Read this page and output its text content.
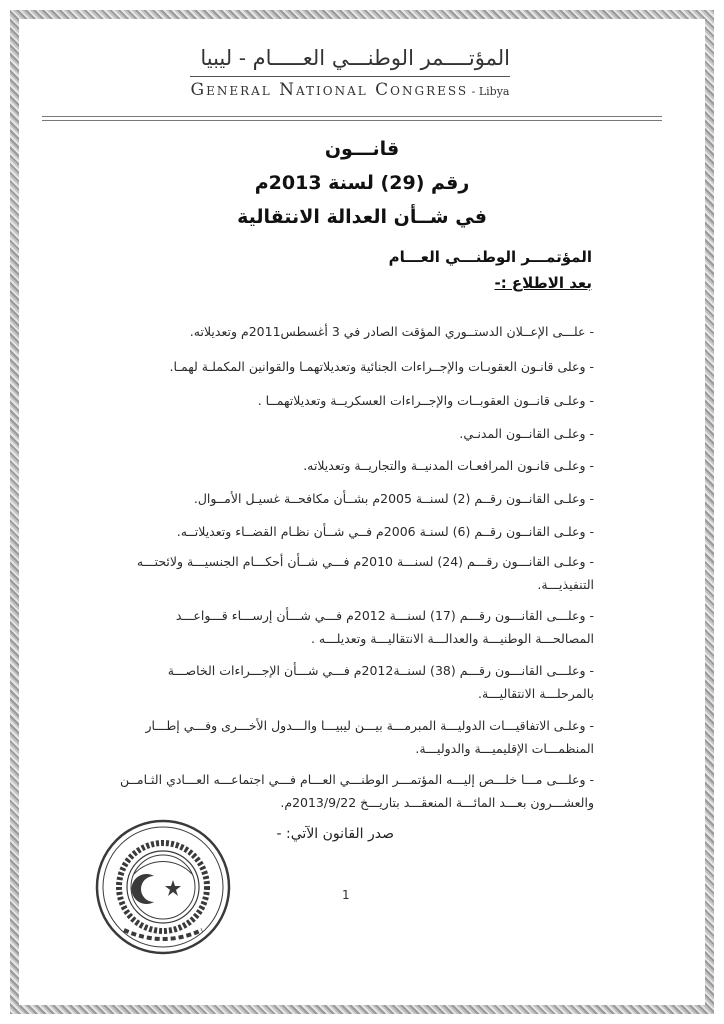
المؤتــــمر الوطنـــي العـــــام - ليبيا
General National Congress - Libya
قانـــون
رقم (29) لسنة 2013م
في شــأن العدالة الانتقالية
المؤتمـــر الوطنـــي العـــام
بعد الاطلاع :-
- علـــى الإعــلان الدستــوري المؤقت الصادر في 3 أغسطس2011م وتعديلاته.
- وعلى قانـون العقوبـات والإجــراءات الجنائية وتعديلاتهمـا والقوانين المكملـة لهمـا.
- وعلـى قانــون العقوبــات والإجــراءات العسكريــة وتعديلاتهمــا .
- وعلـى القانــون المدنـي.
- وعلـى قانـون المرافعـات المدنيــة والتجاريــة وتعديلاته.
- وعلـى القانــون رقــم (2) لسنــة 2005م بشــأن مكافحــة غسيـل الأمــوال.
- وعلـى القانــون رقــم (6) لسنـة 2006م فــي شــأن نظـام القضــاء وتعديلاتــه.
- وعلـى القانـــون رقـــم (24) لسنـــة 2010م فـــي شــأن أحكـــام الجنسيـــة ولائحتـــه التنفيذيـــة.
- وعلـــى القانـــون رقـــم (17) لسنـــة 2012م فـــي شـــأن إرســـاء قـــواعـــد المصالحـــة الوطنيـــة والعدالـــة الانتقاليـــة وتعديلـــه .
- وعلـــى القانـــون رقـــم (38) لسنــة2012م فـــي شـــأن الإجـــراءات الخاصـــة بالمرحلـــة الانتقاليـــة.
- وعلـى الاتفاقيـــات الدوليـــة المبرمـــة بيـــن ليبيـــا والـــدول الأخـــرى وفـــي إطـــار المنظمـــات الإقليميـــة والدوليـــة.
- وعلـــى مـــا خلـــص إليـــه المؤتمـــر الوطنـــي العـــام فـــي اجتماعـــه العـــادي الثـامــن والعشـــرون بعـــد المائـــة المنعقـــد بتاريـــخ 2013/9/22م.
صدر القانون الآتي: -
1
